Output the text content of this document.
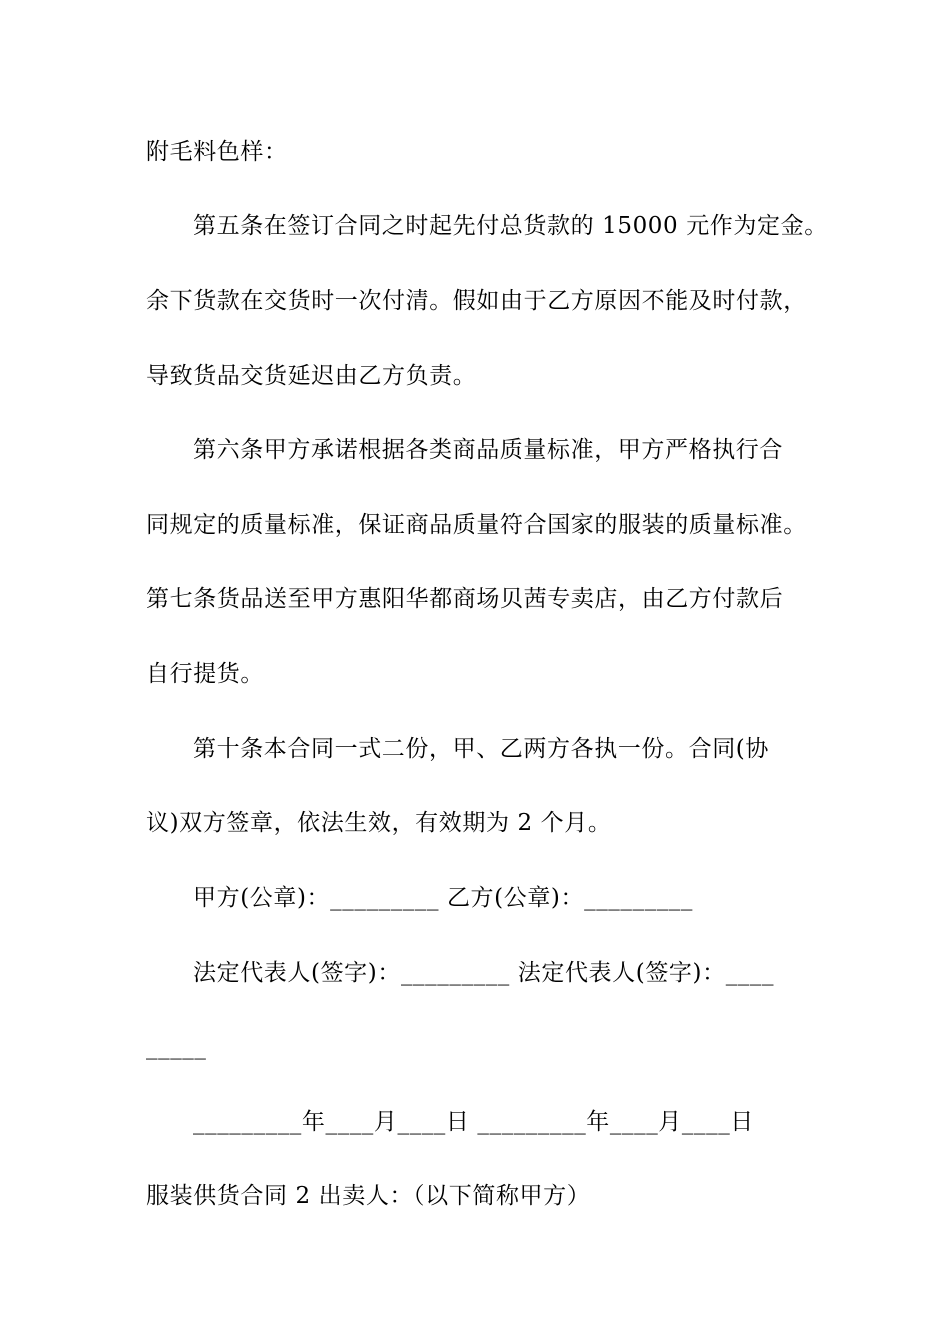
附毛料色样：
第五条在签订合同之时起先付总货款的 15000 元作为定金。
余下货款在交货时一次付清。假如由于乙方原因不能及时付款，
导致货品交货延迟由乙方负责。
第六条甲方承诺根据各类商品质量标准，甲方严格执行合
同规定的质量标准，保证商品质量符合国家的服装的质量标准。
第七条货品送至甲方惠阳华都商场贝茜专卖店，由乙方付款后
自行提货。
第十条本合同一式二份，甲、乙两方各执一份。合同(协
议)双方签章，依法生效，有效期为 2 个月。
甲方(公章)：_________ 乙方(公章)：_________
法定代表人(签字)：_________ 法定代表人(签字)：____
_____
_________年____月____日 _________年____月____日
服装供货合同 2 出卖人：（以下简称甲方）
